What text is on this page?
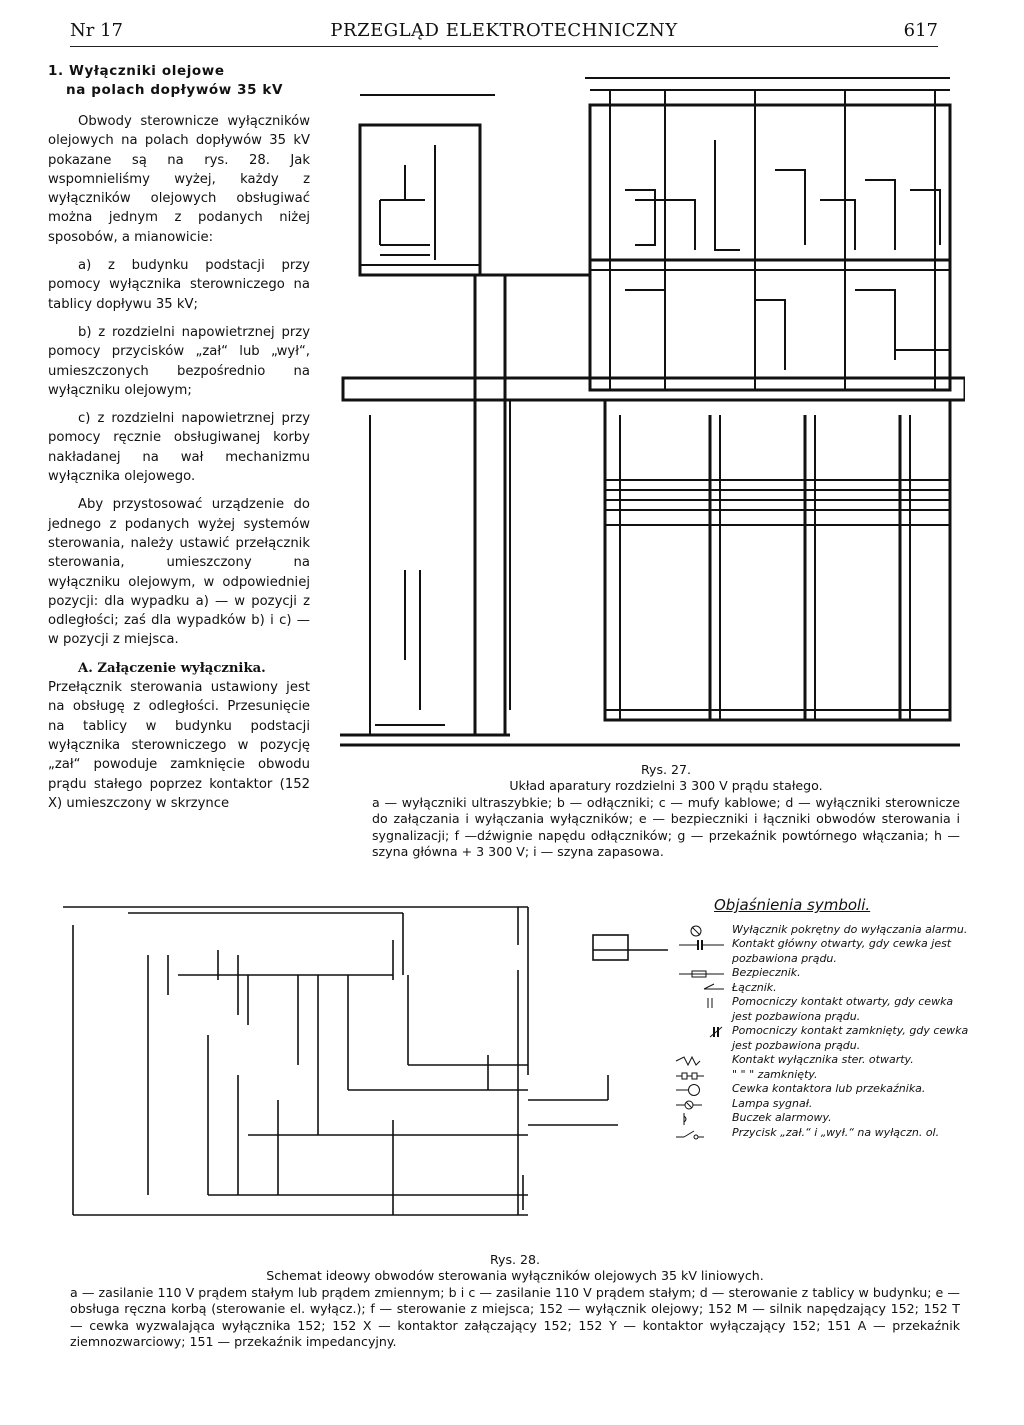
Nr 17	PRZEGLĄD ELEKTROTECHNICZNY	617
1. Wyłączniki olejowe
na polach dopływów 35 kV

Obwody sterownicze wyłączników olejowych na polach dopływów 35 kV pokazane są na rys. 28. Jak wspomnieliśmy wyżej, każdy z wyłączników olejowych obsługiwać można jednym z podanych niżej sposobów, a mianowicie:

a) z budynku podstacji przy pomocy wyłącznika sterowniczego na tablicy dopływu 35 kV;

b) z rozdzielni napowietrznej przy pomocy przycisków „zał“ lub „wył“, umieszczonych bezpośrednio na wyłączniku olejowym;

c) z rozdzielni napowietrznej przy pomocy ręcznie obsługiwanej korby nakładanej na wał mechanizmu wyłącznika olejowego.

Aby przystosować urządzenie do jednego z podanych wyżej systemów sterowania, należy ustawić przełącznik sterowania, umieszczony na wyłączniku olejowym, w odpowiedniej pozycji: dla wypadku a) — w pozycji z odległości; zaś dla wypadków b) i c) — w pozycji z miejsca.

A. Załączenie wyłącznika.

Przełącznik sterowania ustawiony jest na obsługę z odległości. Przesunięcie na tablicy w budynku podstacji wyłącznika sterowniczego w pozycję „zał“ powoduje zamknięcie obwodu prądu stałego poprzez kontaktor (152 X) umieszczony w skrzynce

Rys. 27.

Układ aparatury rozdzielni 3 300 V prądu stałego.

a — wyłączniki ultraszybkie; b — odłączniki; c — mufy kablowe; d — wyłączniki sterownicze do załączania i wyłączania wyłączników; e — bezpieczniki i łączniki obwodów sterowania i sygnalizacji; f —dźwignie napędu odłączników; g — przekaźnik powtórnego włączania; h — szyna główna + 3 300 V; i — szyna zapasowa.

Objaśnienia symboli.
Wyłącznik pokrętny do wyłączania alarmu.
Kontakt główny otwarty, gdy cewka jest pozbawiona prądu.
Bezpiecznik.
Łącznik.
Pomocniczy kontakt otwarty, gdy cewka jest pozbawiona prądu.
Pomocniczy kontakt zamknięty, gdy cewka jest pozbawiona prądu.
Kontakt wyłącznika ster. otwarty.
" " " zamknięty.
Cewka kontaktora lub przekaźnika.
Lampa sygnał.
Buczek alarmowy.
Przycisk „zał.“ i „wył.“ na wyłączn. ol.

Rys. 28.

Schemat ideowy obwodów sterowania wyłączników olejowych 35 kV liniowych.

a — zasilanie 110 V prądem stałym lub prądem zmiennym; b i c — zasilanie 110 V prądem stałym; d — sterowanie z tablicy w budynku; e — obsługa ręczna korbą (sterowanie el. wyłącz.); f — sterowanie z miejsca; 152 — wyłącznik olejowy; 152 M — silnik napędzający 152; 152 T — cewka wyzwalająca wyłącznika 152; 152 X — kontaktor załączający 152; 152 Y — kontaktor wyłączający 152; 151 A — przekaźnik ziemnozwarciowy; 151 — przekaźnik impedancyjny.
